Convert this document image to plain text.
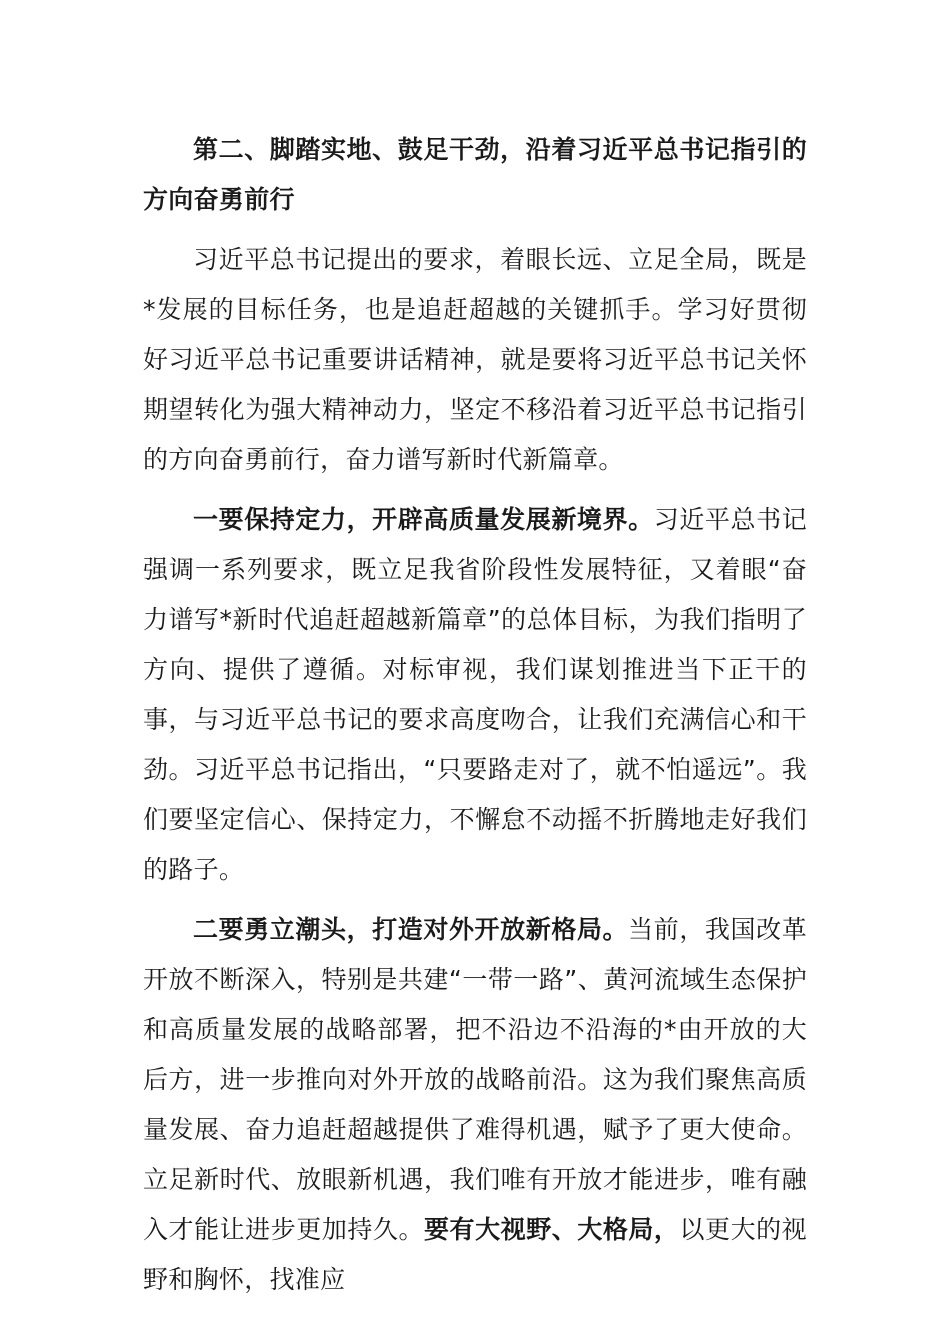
第二、脚踏实地、鼓足干劲，沿着习近平总书记指引的方向奋勇前行

习近平总书记提出的要求，着眼长远、立足全局，既是*发展的目标任务，也是追赶超越的关键抓手。学习好贯彻好习近平总书记重要讲话精神，就是要将习近平总书记关怀期望转化为强大精神动力，坚定不移沿着习近平总书记指引的方向奋勇前行，奋力谱写新时代新篇章。

一要保持定力，开辟高质量发展新境界。习近平总书记强调一系列要求，既立足我省阶段性发展特征，又着眼“奋力谱写*新时代追赶超越新篇章”的总体目标，为我们指明了方向、提供了遵循。对标审视，我们谋划推进当下正干的事，与习近平总书记的要求高度吻合，让我们充满信心和干劲。习近平总书记指出，“只要路走对了，就不怕遥远”。我们要坚定信心、保持定力，不懈怠不动摇不折腾地走好我们的路子。

二要勇立潮头，打造对外开放新格局。当前，我国改革开放不断深入，特别是共建“一带一路”、黄河流域生态保护和高质量发展的战略部署，把不沿边不沿海的*由开放的大后方，进一步推向对外开放的战略前沿。这为我们聚焦高质量发展、奋力追赶超越提供了难得机遇，赋予了更大使命。立足新时代、放眼新机遇，我们唯有开放才能进步，唯有融入才能让进步更加持久。要有大视野、大格局，以更大的视野和胸怀，找准应
